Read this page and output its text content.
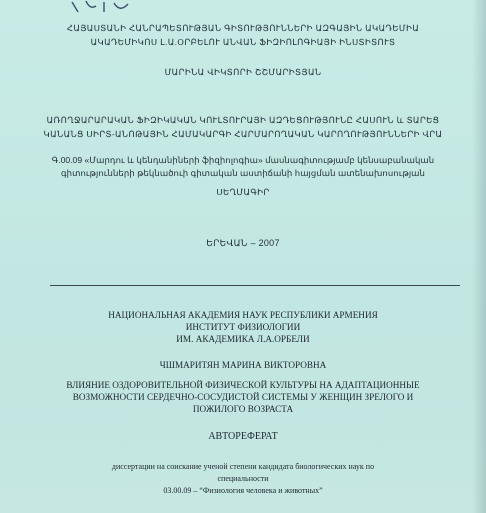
ՀԱՅԱՍՏԱՆԻ ՀԱՆՐԱՊԵՏՈՒԹՅԱՆ ԳԻՏՈՒԹՅՈՒՆՆԵՐԻ ԱԶԳԱՅԻՆ ԱԿԱԴԵՄԻԱ
ԱԿԱԴԵՄԻԿՈՍ Լ.Ա.ՕՐԲԵԼՈՒ ԱՆՎԱՆ ՖԻԶԻՈԼՈԳԻԱՅԻ ԻՆՍՏԻՏՈՒՏ
ՄԱՐԻՆԱ ՎԻԿՏՈՐԻ ՇՇՄԱՐԻՏՅԱՆ
ԱՌՈՂՋԱՐԱՐԱԿԱՆ ՖԻԶԻԿԱԿԱՆ ԿՈՒԼՏՈՒՐԱՅԻ ԱԶԴԵՑՈՒԹՅՈՒՆԸ ՀԱՍՈՒՆ և ՏԱՐԵՑ
ԿԱՆԱՆՑ ՍԻՐՏ-ԱՆՈԹԱՅԻՆ ՀԱՄԱԿԱՐԳԻ ՀԱՐՄԱՐՈՂԱԿԱՆ ԿԱՐՈՂՈՒԹՅՈՒՆՆԵՐԻ ՎՐԱ
Գ.00.09 «Մարդու և կենդանիների ֆիզիոլոգիա» մասնագիտությամբ կենսաբանական
գիտությունների թեկնածուի գիտական աստիճանի հայցման ատենախոսության
ՍԵՂՄԱԳԻՐ
ԵՐԵՎԱՆ – 2007
НАЦИОНАЛЬНАЯ АКАДЕМИЯ НАУК РЕСПУБЛИКИ АРМЕНИЯ
ИНСТИТУТ ФИЗИОЛОГИИ
ИМ. АКАДЕМИКА Л.А.ОРБЕЛИ
ЧШМАРИТЯН МАРИНА ВИКТОРОВНА
ВЛИЯНИЕ ОЗДОРОВИТЕЛЬНОЙ ФИЗИЧЕСКОЙ КУЛЬТУРЫ НА АДАПТАЦИОННЫЕ
ВОЗМОЖНОСТИ СЕРДЕЧНО-СОСУДИСТОЙ СИСТЕМЫ У ЖЕНЩИН ЗРЕЛОГО И
ПОЖИЛОГО ВОЗРАСТА
АВТОРЕФЕРАТ
диссертации на соискание ученой степени кандидата биологических наук по
специальности
03.00.09 – “Физиология человека и животных”
